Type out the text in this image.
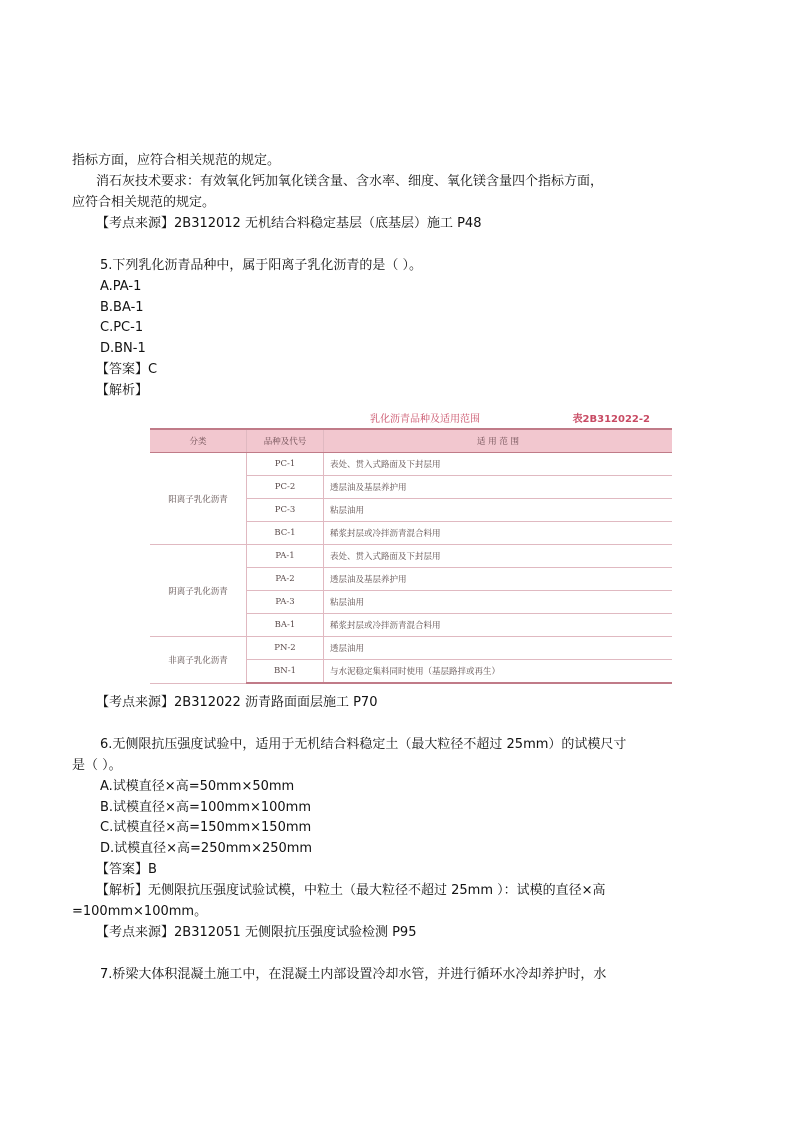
指标方面，应符合相关规范的规定。
消石灰技术要求：有效氧化钙加氧化镁含量、含水率、细度、氧化镁含量四个指标方面，
应符合相关规范的规定。
【考点来源】2B312012 无机结合料稳定基层（底基层）施工 P48
5.下列乳化沥青品种中，属于阳离子乳化沥青的是（ ）。
A.PA-1
B.BA-1
C.PC-1
D.BN-1
【答案】C
【解析】
乳化沥青品种及适用范围	表2B312022-2
分类	品种及代号	适 用 范 围
阳离子乳化沥青	PC-1	表处、贯入式路面及下封层用
	PC-2	透层油及基层养护用
	PC-3	粘层油用
	BC-1	稀浆封层或冷拌沥青混合料用
阴离子乳化沥青	PA-1	表处、贯入式路面及下封层用
	PA-2	透层油及基层养护用
	PA-3	粘层油用
	BA-1	稀浆封层或冷拌沥青混合料用
非离子乳化沥青	PN-2	透层油用
	BN-1	与水泥稳定集料同时使用（基层路拌或再生）
【考点来源】2B312022 沥青路面面层施工 P70
6.无侧限抗压强度试验中，适用于无机结合料稳定土（最大粒径不超过 25mm）的试模尺寸
是（ ）。
A.试模直径×高=50mm×50mm
B.试模直径×高=100mm×100mm
C.试模直径×高=150mm×150mm
D.试模直径×高=250mm×250mm
【答案】B
【解析】无侧限抗压强度试验试模，中粒土（最大粒径不超过 25mm ）：试模的直径×高
=100mm×100mm。
【考点来源】2B312051 无侧限抗压强度试验检测 P95
7.桥梁大体积混凝土施工中，在混凝土内部设置冷却水管，并进行循环水冷却养护时，水
